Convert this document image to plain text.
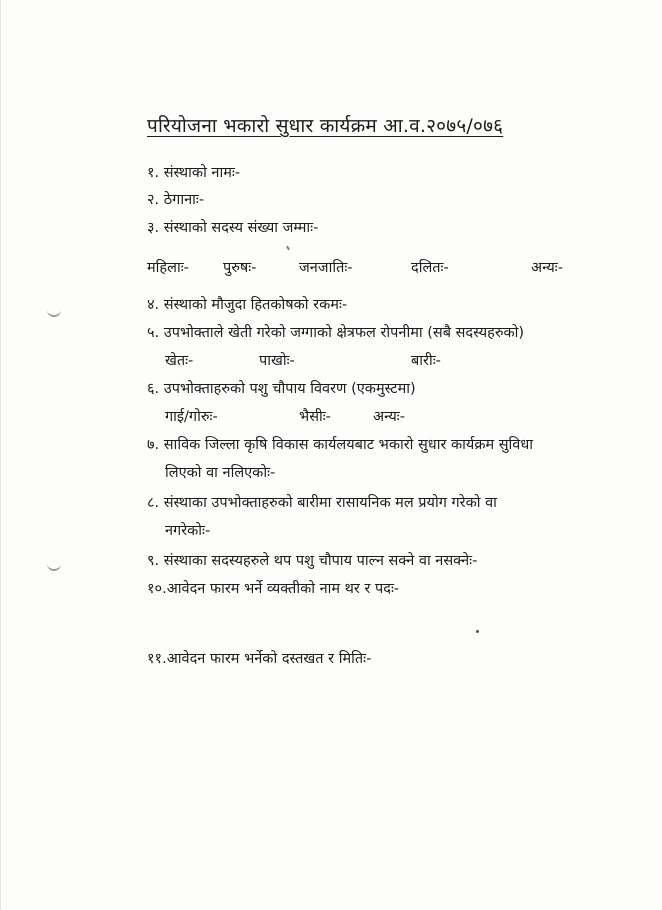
परियोजना भकारो सुधार कार्यक्रम आ.व.२०७५/०७६
१. संस्थाको नामः-
२. ठेगानाः-
३. संस्थाको सदस्य संख्या जम्माः-
महिलाः- पुरुषः-	जनजातिः-	दलितः-	अन्यः-
४. संस्थाको मौजुदा हितकोषको रकमः-
५. उपभोक्ताले खेती गरेको जग्गाको क्षेत्रफल रोपनीमा (सबै सदस्यहरुको)
खेतः-	पाखोः-	बारीः-
६. उपभोक्ताहरुको पशु चौपाय विवरण (एकमुस्टमा)
गाई/गोरुः-	भैसीः-	अन्यः-
७. साविक जिल्ला कृषि विकास कार्यलयबाट भकारो सुधार कार्यक्रम सुविधा
लिएको वा नलिएकोः-
८. संस्थाका उपभोक्ताहरुको बारीमा रासायनिक मल प्रयोग गरेको वा
नगरेकोः-
९. संस्थाका सदस्यहरुले थप पशु चौपाय पाल्न सक्ने वा नसक्नेः-
१०.आवेदन फारम भर्ने व्यक्तीको नाम थर र पदः-
११.आवेदन फारम भर्नेको दस्तखत र मितिः-
